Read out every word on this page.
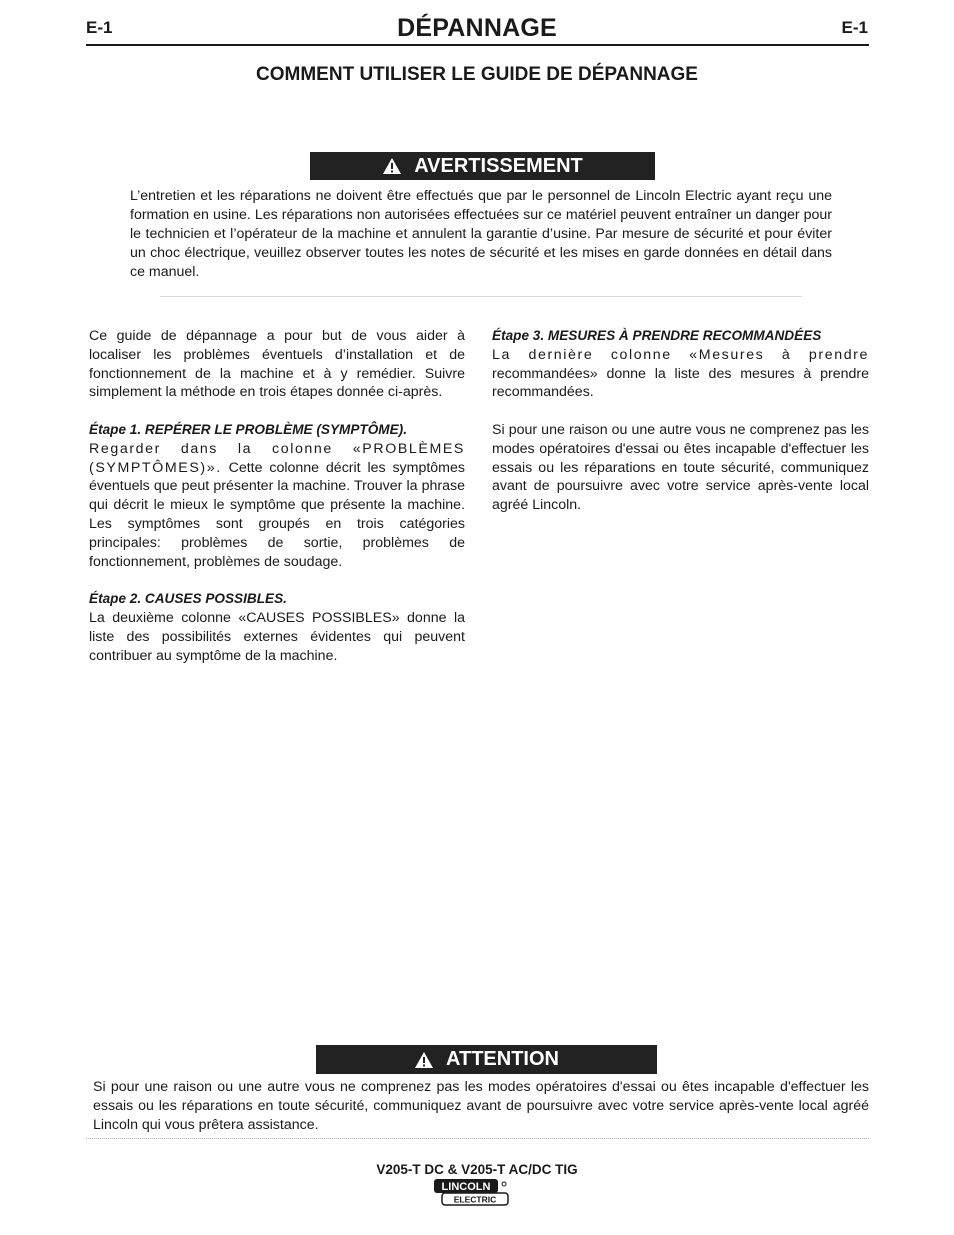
E-1	DÉPANNAGE	E-1
COMMENT UTILISER LE GUIDE DE DÉPANNAGE
AVERTISSEMENT
L’entretien et les réparations ne doivent être effectués que par le personnel de Lincoln Electric ayant reçu une formation en usine. Les réparations non autorisées effectuées sur ce matériel peuvent entraîner un danger pour le technicien et l’opérateur de la machine et annulent la garantie d’usine. Par mesure de sécurité et pour éviter un choc électrique, veuillez observer toutes les notes de sécurité et les mises en garde données en détail dans ce manuel.

Ce guide de dépannage a pour but de vous aider à localiser les problèmes éventuels d’installation et de fonctionnement de la machine et à y remédier. Suivre simplement la méthode en trois étapes donnée ci-après.

Étape 1. REPÉRER LE PROBLÈME (SYMPTÔME).
Regarder dans la colonne «PROBLÈMES (SYMPTÔMES)». Cette colonne décrit les symptômes éventuels que peut présenter la machine. Trouver la phrase qui décrit le mieux le symptôme que présente la machine. Les symptômes sont groupés en trois catégories principales: problèmes de sortie, problèmes de fonctionnement, problèmes de soudage.

Étape 2. CAUSES POSSIBLES.
La deuxième colonne «CAUSES POSSIBLES» donne la liste des possibilités externes évidentes qui peuvent contribuer au symptôme de la machine.

Étape 3. MESURES À PRENDRE RECOMMANDÉES
La dernière colonne «Mesures à prendre recommandées» donne la liste des mesures à prendre recommandées.

Si pour une raison ou une autre vous ne comprenez pas les modes opératoires d'essai ou êtes incapable d'effectuer les essais ou les réparations en toute sécurité, communiquez avant de poursuivre avec votre service après-vente local agréé Lincoln.

ATTENTION
Si pour une raison ou une autre vous ne comprenez pas les modes opératoires d'essai ou êtes incapable d'effectuer les essais ou les réparations en toute sécurité, communiquez avant de poursuivre avec votre service après-vente local agréé Lincoln qui vous prêtera assistance.
V205-T DC & V205-T AC/DC TIG
LINCOLN
ELECTRIC
